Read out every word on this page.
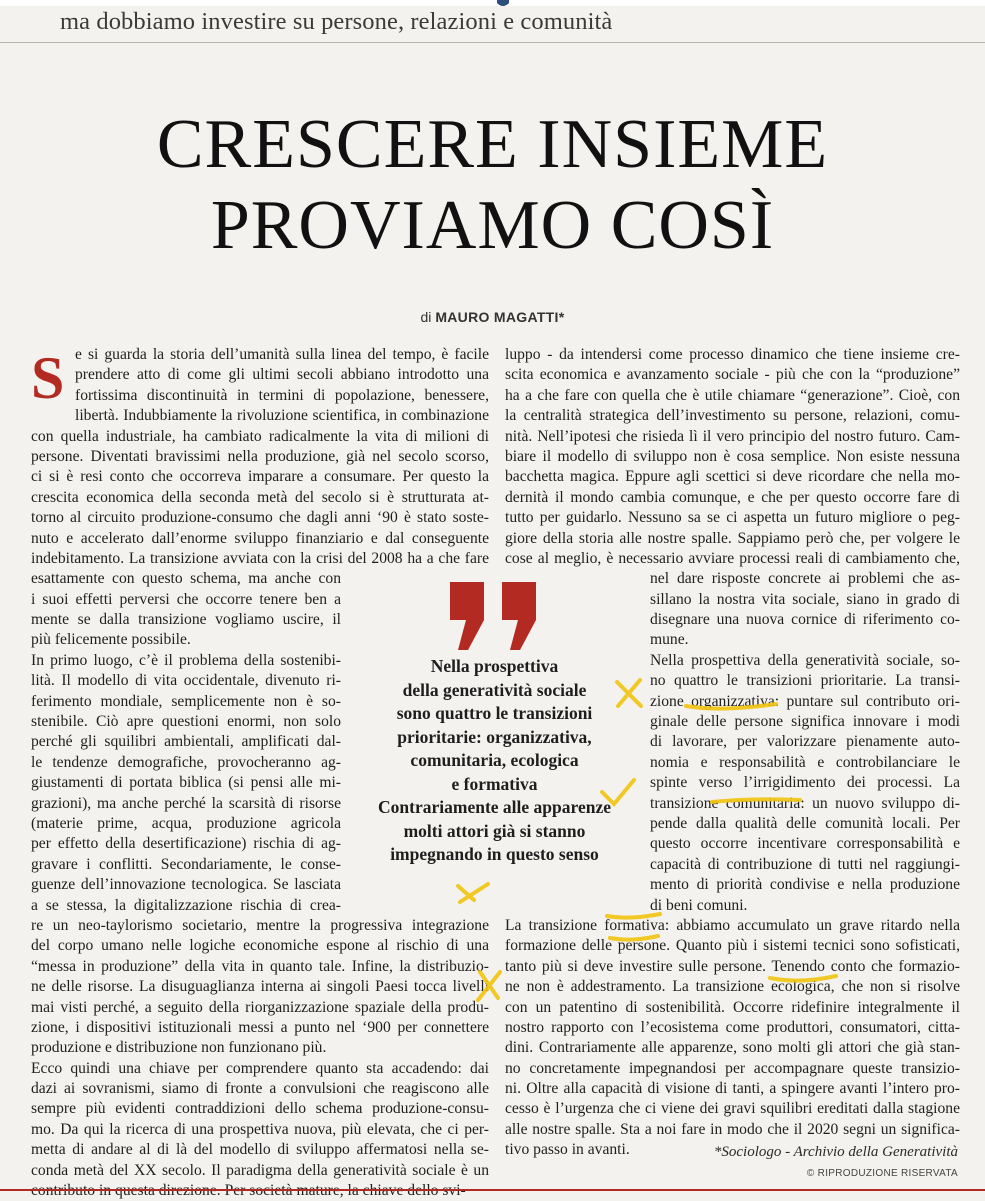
ma dobbiamo investire su persone, relazioni e comunità
CRESCERE INSIEME
PROVIAMO COSÌ
di MAURO MAGATTI*
S e si guarda la storia dell’umanità sulla linea del tempo, è facile
prendere atto di come gli ultimi secoli abbiano introdotto una
fortissima discontinuità in termini di popolazione, benessere,
libertà. Indubbiamente la rivoluzione scientifica, in combinazione
con quella industriale, ha cambiato radicalmente la vita di milioni di
persone. Diventati bravissimi nella produzione, già nel secolo scorso,
ci si è resi conto che occorreva imparare a consumare. Per questo la
crescita economica della seconda metà del secolo si è strutturata at-
torno al circuito produzione-consumo che dagli anni ‘90 è stato soste-
nuto e accelerato dall’enorme sviluppo finanziario e dal conseguente
indebitamento. La transizione avviata con la crisi del 2008 ha a che fare
esattamente con questo schema, ma anche con
i suoi effetti perversi che occorre tenere ben a
mente se dalla transizione vogliamo uscire, il
più felicemente possibile.
In primo luogo, c’è il problema della sostenibi-
lità. Il modello di vita occidentale, divenuto ri-
ferimento mondiale, semplicemente non è so-
stenibile. Ciò apre questioni enormi, non solo
perché gli squilibri ambientali, amplificati dal-
le tendenze demografiche, provocheranno ag-
giustamenti di portata biblica (si pensi alle mi-
grazioni), ma anche perché la scarsità di risorse
(materie prime, acqua, produzione agricola
per effetto della desertificazione) rischia di ag-
gravare i conflitti. Secondariamente, le conse-
guenze dell’innovazione tecnologica. Se lasciata
a se stessa, la digitalizzazione rischia di crea-
re un neo-taylorismo societario, mentre la progressiva integrazione
del corpo umano nelle logiche economiche espone al rischio di una
“messa in produzione” della vita in quanto tale. Infine, la distribuzio-
ne delle risorse. La disuguaglianza interna ai singoli Paesi tocca livelli
mai visti perché, a seguito della riorganizzazione spaziale della produ-
zione, i dispositivi istituzionali messi a punto nel ‘900 per connettere
produzione e distribuzione non funzionano più.
Ecco quindi una chiave per comprendere quanto sta accadendo: dai
dazi ai sovranismi, siamo di fronte a convulsioni che reagiscono alle
sempre più evidenti contraddizioni dello schema produzione-consu-
mo. Da qui la ricerca di una prospettiva nuova, più elevata, che ci per-
metta di andare al di là del modello di sviluppo affermatosi nella se-
conda metà del XX secolo. Il paradigma della generatività sociale è un
luppo - da intendersi come processo dinamico che tiene insieme cre-
scita economica e avanzamento sociale - più che con la “produzione”
ha a che fare con quella che è utile chiamare “generazione”. Cioè, con
la centralità strategica dell’investimento su persone, relazioni, comu-
nità. Nell’ipotesi che risieda lì il vero principio del nostro futuro. Cam-
biare il modello di sviluppo non è cosa semplice. Non esiste nessuna
bacchetta magica. Eppure agli scettici si deve ricordare che nella mo-
dernità il mondo cambia comunque, e che per questo occorre fare di
tutto per guidarlo. Nessuno sa se ci aspetta un futuro migliore o peg-
giore della storia alle nostre spalle. Sappiamo però che, per volgere le
cose al meglio, è necessario avviare processi reali di cambiamento che,
nel dare risposte concrete ai problemi che as-
sillano la nostra vita sociale, siano in grado di
disegnare una nuova cornice di riferimento co-
mune.
Nella prospettiva della generatività sociale, so-
no quattro le transizioni prioritarie. La transi-
zione organizzativa: puntare sul contributo ori-
ginale delle persone significa innovare i modi
di lavorare, per valorizzare pienamente auto-
nomia e responsabilità e controbilanciare le
spinte verso l’irrigidimento dei processi. La
transizione comunitaria: un nuovo sviluppo di-
pende dalla qualità delle comunità locali. Per
questo occorre incentivare corresponsabilità e
capacità di contribuzione di tutti nel raggiungi-
mento di priorità condivise e nella produzione
di beni comuni.
La transizione formativa: abbiamo accumulato un grave ritardo nella
formazione delle persone. Quanto più i sistemi tecnici sono sofisticati,
tanto più si deve investire sulle persone. Tenendo conto che formazio-
ne non è addestramento. La transizione ecologica, che non si risolve
con un patentino di sostenibilità. Occorre ridefinire integralmente il
nostro rapporto con l’ecosistema come produttori, consumatori, citta-
dini. Contrariamente alle apparenze, sono molti gli attori che già stan-
no concretamente impegnandosi per accompagnare queste transizio-
ni. Oltre alla capacità di visione di tanti, a spingere avanti l’intero pro-
cesso è l’urgenza che ci viene dei gravi squilibri ereditati dalla stagione
alle nostre spalle. Sta a noi fare in modo che il 2020 segni un significa-
tivo passo in avanti.
Nella prospettiva
della generatività sociale
sono quattro le transizioni
prioritarie: organizzativa,
comunitaria, ecologica
e formativa
Contrariamente alle apparenze
molti attori già si stanno
impegnando in questo senso
*Sociologo - Archivio della Generatività
© RIPRODUZIONE RISERVATA
